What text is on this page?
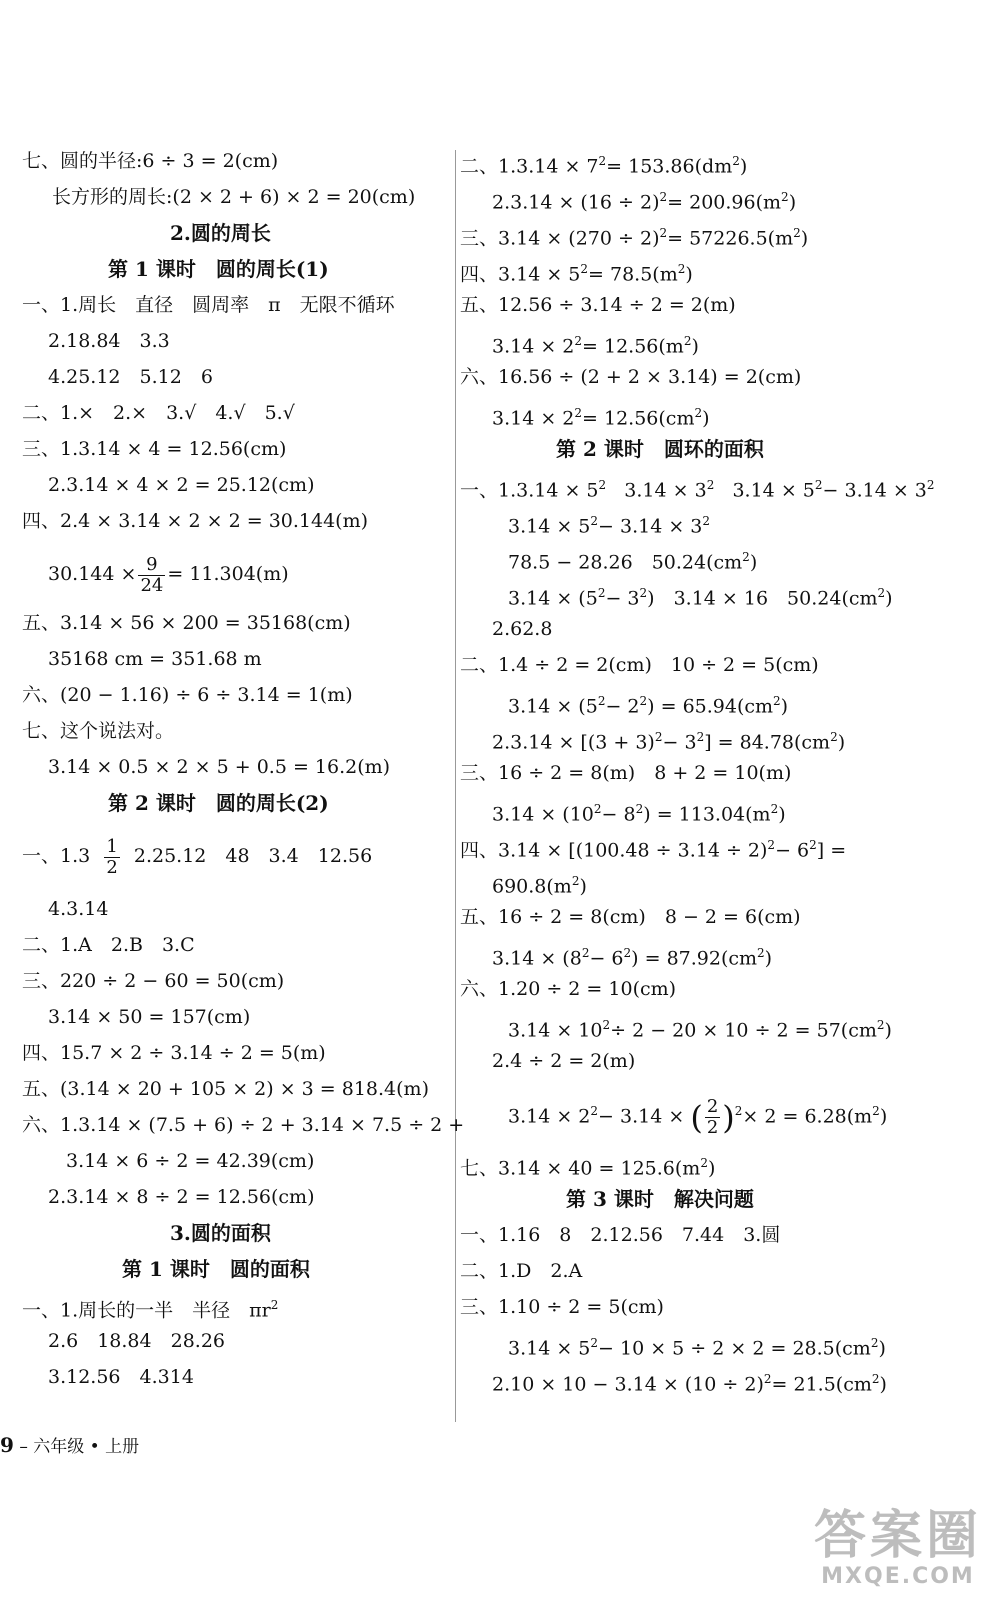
七、圆的半径:6 ÷ 3 = 2(cm)
长方形的周长:(2 × 2 + 6) × 2 = 20(cm)
2.圆的周长
第 1 课时　圆的周长(1)
一、1.周长　直径　圆周率　π　无限不循环
2.18.84　3.3
4.25.12　5.12　6
二、1.×　2.×　3.√　4.√　5.√
三、1.3.14 × 4 = 12.56(cm)
2.3.14 × 4 × 2 = 25.12(cm)
四、2.4 × 3.14 × 2 × 2 = 30.144(m)
$30.144 \times \frac{9}{24} = 11.304(m)$
五、3.14 × 56 × 200 = 35168(cm)
35168 cm = 351.68 m
六、(20 − 1.16) ÷ 6 ÷ 3.14 = 1(m)
七、这个说法对。
3.14 × 0.5 × 2 × 5 + 0.5 = 16.2(m)
第 2 课时　圆的周长(2)
一、$1.3 \frac{1}{2} 2.25.12$　48　3.4　12.56
4.3.14
二、1.A　2.B　3.C
三、220 ÷ 2 − 60 = 50(cm)
3.14 × 50 = 157(cm)
四、15.7 × 2 ÷ 3.14 ÷ 2 = 5(m)
五、(3.14 × 20 + 105 × 2) × 3 = 818.4(m)
六、1.3.14 × (7.5 + 6) ÷ 2 + 3.14 × 7.5 ÷ 2 +
3.14 × 6 ÷ 2 = 42.39(cm)
2.3.14 × 8 ÷ 2 = 12.56(cm)
3.圆的面积
第 1 课时　圆的面积
一、1.周长的一半　半径　$\pi r^2$
2.6　18.84　28.26
3.12.56　4.314
二、$1.3.14 \times 7^2= 153.86(dm^2)$
$2.3.14 \times (16 \div 2)^2= 200.96(m^2)$
三、$3.14 \times (270 \div 2)^2= 57226.5(m^2)$
四、$3.14 \times 5^2= 78.5(m^2)$
五、12.56 ÷ 3.14 ÷ 2 = 2(m)
$3.14 \times 2^2= 12.56(m^2)$
六、16.56 ÷ (2 + 2 × 3.14) = 2(cm)
$3.14 \times 2^2= 12.56(cm^2)$
第 2 课时　圆环的面积
一、$1.3.14 \times 5^2$ $3.14 \times 3^2$ $3.14 \times 5^2- 3.14 \times 3^2$
$3.14 \times 5^2- 3.14 \times 3^2$
78.5 − 28.26　$50.24(cm^2)$
$3.14 \times (5^2- 3^2)$　3.14 × 16　$50.24(cm^2)$
2.62.8
二、1.4 ÷ 2 = 2(cm)　10 ÷ 2 = 5(cm)
$3.14 \times (5^2- 2^2) = 65.94(cm^2)$
$2.3.14 \times [(3 + 3)^2- 3^2] = 84.78(cm^2)$
三、16 ÷ 2 = 8(m)　8 + 2 = 10(m)
$3.14 \times (10^2- 8^2) = 113.04(m^2)$
四、$3.14 \times [(100.48 \div 3.14 \div 2)^2- 6^2]$ =
$690.8(m^2)$
五、16 ÷ 2 = 8(cm)　8 − 2 = 6(cm)
$3.14 \times (8^2- 6^2) = 87.92(cm^2)$
六、1.20 ÷ 2 = 10(cm)
$3.14 \times 10^2\div 2 - 20 \times 10 \div 2 = 57(cm^2)$
2.4 ÷ 2 = 2(m)
$3.14 \times 2^2- 3.14$ × ( $\frac{2}{2} )^2\times 2 = 6.28(m^2)$
七、$3.14 \times 40 = 125.6(m^2)$
第 3 课时　解决问题
一、1.16　8　2.12.56　7.44　3.圆
二、1.D　2.A
三、1.10 ÷ 2 = 5(cm)
$3.14 \times 5^2- 10 \times 5 \div 2 \times 2 = 28.5(cm^2)$
$2.10 \times 10 - 3.14 \times (10 \div 2)^2= 21.5(cm^2)$
9 – 六年级 • 上册
答案圈
MXQE.COM
